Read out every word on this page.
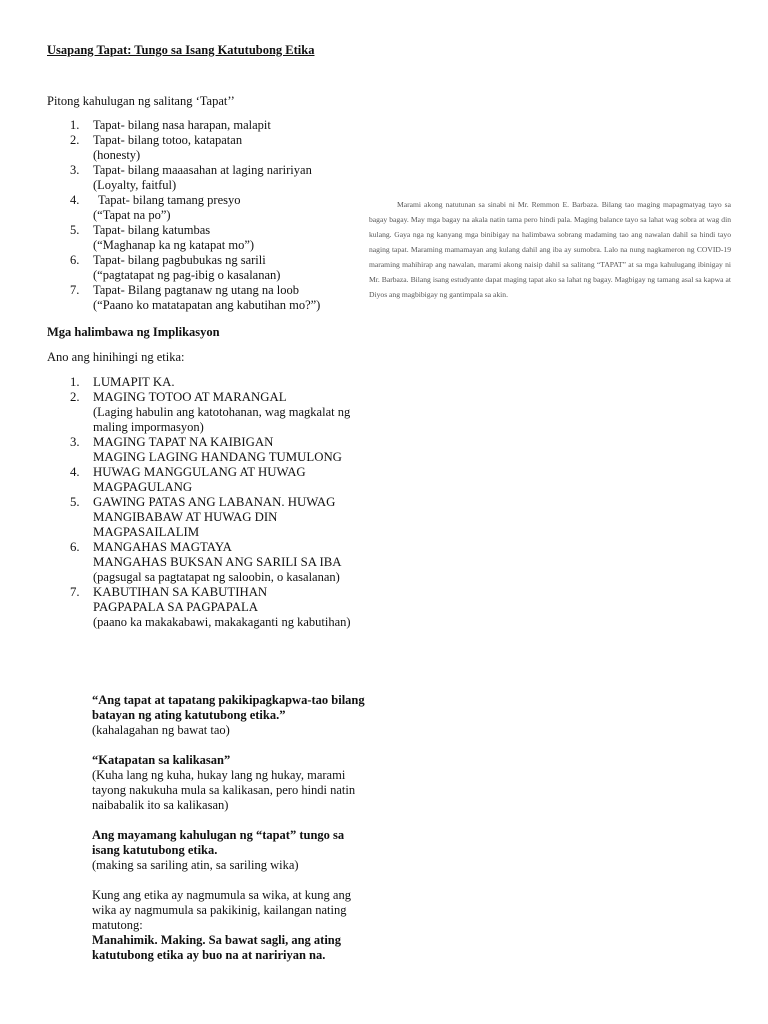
Usapang Tapat: Tungo sa Isang Katutubong Etika
Pitong kahulugan ng salitang ‘Tapat’’
1. Tapat- bilang nasa harapan, malapit
2. Tapat- bilang totoo, katapatan
(honesty)
3. Tapat- bilang maaasahan at laging naririyan
(Loyalty, faitful)
4. Tapat- bilang tamang presyo
(“Tapat na po”)
5. Tapat- bilang katumbas
(“Maghanap ka ng katapat mo”)
6. Tapat- bilang pagbubukas ng sarili
(“pagtatapat ng pag-ibig o kasalanan)
7. Tapat- Bilang pagtanaw ng utang na loob
(“Paano ko matatapatan ang kabutihan mo?”)
Mga halimbawa ng Implikasyon
Ano ang hinihingi ng etika:
1. LUMAPIT KA.
2. MAGING TOTOO AT MARANGAL
(Laging habulin ang katotohanan, wag magkalat ng maling impormasyon)
3. MAGING TAPAT NA KAIBIGAN
MAGING LAGING HANDANG TUMULONG
4. HUWAG MANGGULANG AT HUWAG MAGPAGULANG
5. GAWING PATAS ANG LABANAN. HUWAG MANGIBABAW AT HUWAG DIN MAGPASAILALIM
6. MANGAHAS MAGTAYA
MANGAHAS BUKSAN ANG SARILI SA IBA
(pagsugal sa pagtatapat ng saloobin, o kasalanan)
7. KABUTIHAN SA KABUTIHAN
PAGPAPALA SA PAGPAPALA
(paano ka makakabawi, makakaganti ng kabutihan)
“Ang tapat at tapatang pakikipagkapwa-tao bilang batayan ng ating katutubong etika.”
(kahalagahan ng bawat tao)
“Katapatan sa kalikasan”
(Kuha lang ng kuha, hukay lang ng hukay, marami tayong nakukuha mula sa kalikasan, pero hindi natin naibabalik ito sa kalikasan)
Ang mayamang kahulugan ng “tapat” tungo sa isang katutubong etika.
(making sa sariling atin, sa sariling wika)
Kung ang etika ay nagmumula sa wika, at kung ang wika ay nagmumula sa pakikinig, kailangan nating matutong:
Manahimik. Making. Sa bawat sagli, ang ating katutubong etika ay buo na at naririyan na.
Marami akong natutunan sa sinabi ni Mr. Remmon E. Barbaza. Bilang tao maging mapagmatyag tayo sa bagay bagay. May mga bagay na akala natin tama pero hindi pala. Maging balance tayo sa lahat wag sobra at wag din kulang. Gaya nga ng kanyang mga binibigay na halimbawa sobrang madaming tao ang nawalan dahil sa hindi tayo naging tapat. Maraming mamamayan ang kulang dahil ang iba ay sumobra. Lalo na nung nagkameron ng COVID-19 maraming mahihirap ang nawalan, marami akong naisip dahil sa salitang “TAPAT” at sa mga kahulugang ibinigay ni Mr. Barbaza. Bilang isang estudyante dapat maging tapat ako sa lahat ng bagay. Magbigay ng tamang asal sa kapwa at Diyos ang magbibigay ng gantimpala sa akin.
